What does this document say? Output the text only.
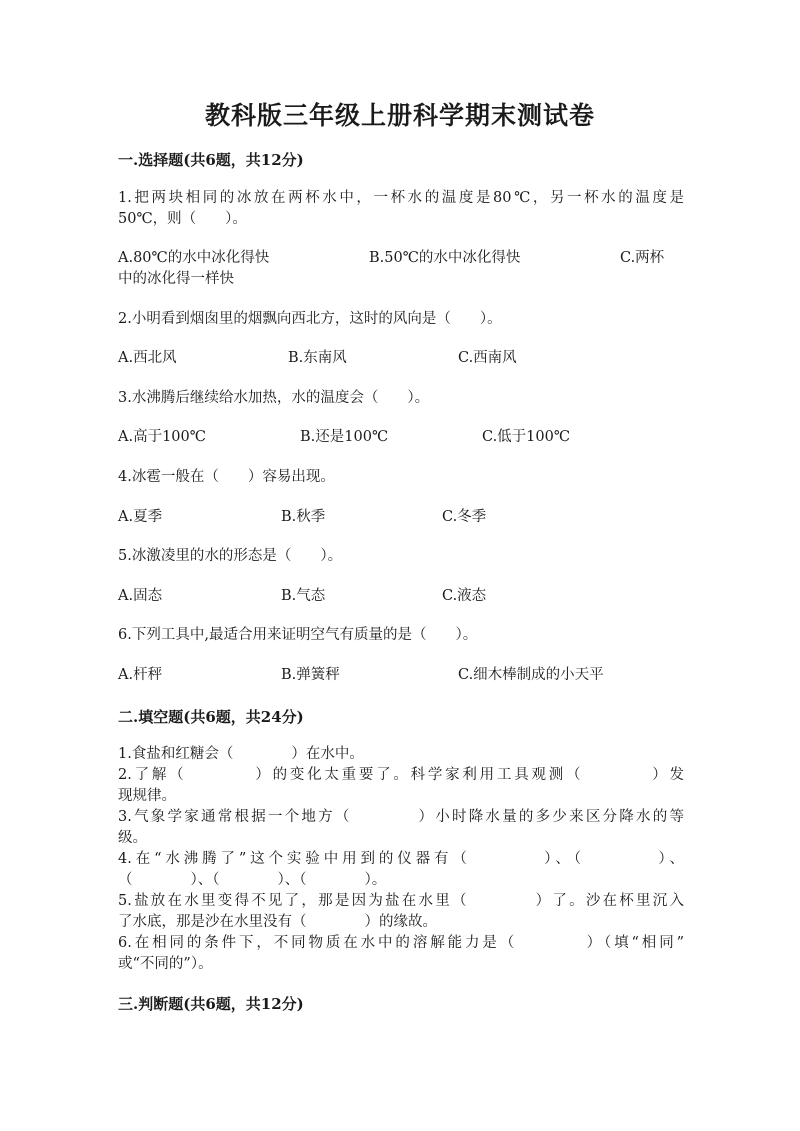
教科版三年级上册科学期末测试卷
一.选择题(共6题，共12分)
1.把两块相同的冰放在两杯水中，一杯水的温度是80℃，另一杯水的温度是
50℃，则（　　）。
A.80℃的水中冰化得快	B.50℃的水中冰化得快	C.两杯
中的冰化得一样快
2.小明看到烟囱里的烟飘向西北方，这时的风向是（　　）。
A.西北风	B.东南风	C.西南风
3.水沸腾后继续给水加热，水的温度会（　　）。
A.高于100℃	B.还是100℃	C.低于100℃
4.冰雹一般在（　　）容易出现。
A.夏季	B.秋季	C.冬季
5.冰激凌里的水的形态是（　　）。
A.固态	B.气态	C.液态
6.下列工具中,最适合用来证明空气有质量的是（　　）。
A.杆秤	B.弹簧秤	C.细木棒制成的小天平
二.填空题(共6题，共24分)
1.食盐和红糖会（　　　　）在水中。
2.了解（　　　　）的变化太重要了。科学家利用工具观测（　　　　）发
现规律。
3.气象学家通常根据一个地方（　　　　）小时降水量的多少来区分降水的等
级。
4.在“水沸腾了”这个实验中用到的仪器有（　　　　）、（　　　　）、
（　　　　）、（　　　　）、（　　　　）。
5.盐放在水里变得不见了，那是因为盐在水里（　　　　）了。沙在杯里沉入
了水底，那是沙在水里没有（　　　　）的缘故。
6.在相同的条件下，不同物质在水中的溶解能力是（　　　　）（填“相同”
或“不同的”）。
三.判断题(共6题，共12分)
